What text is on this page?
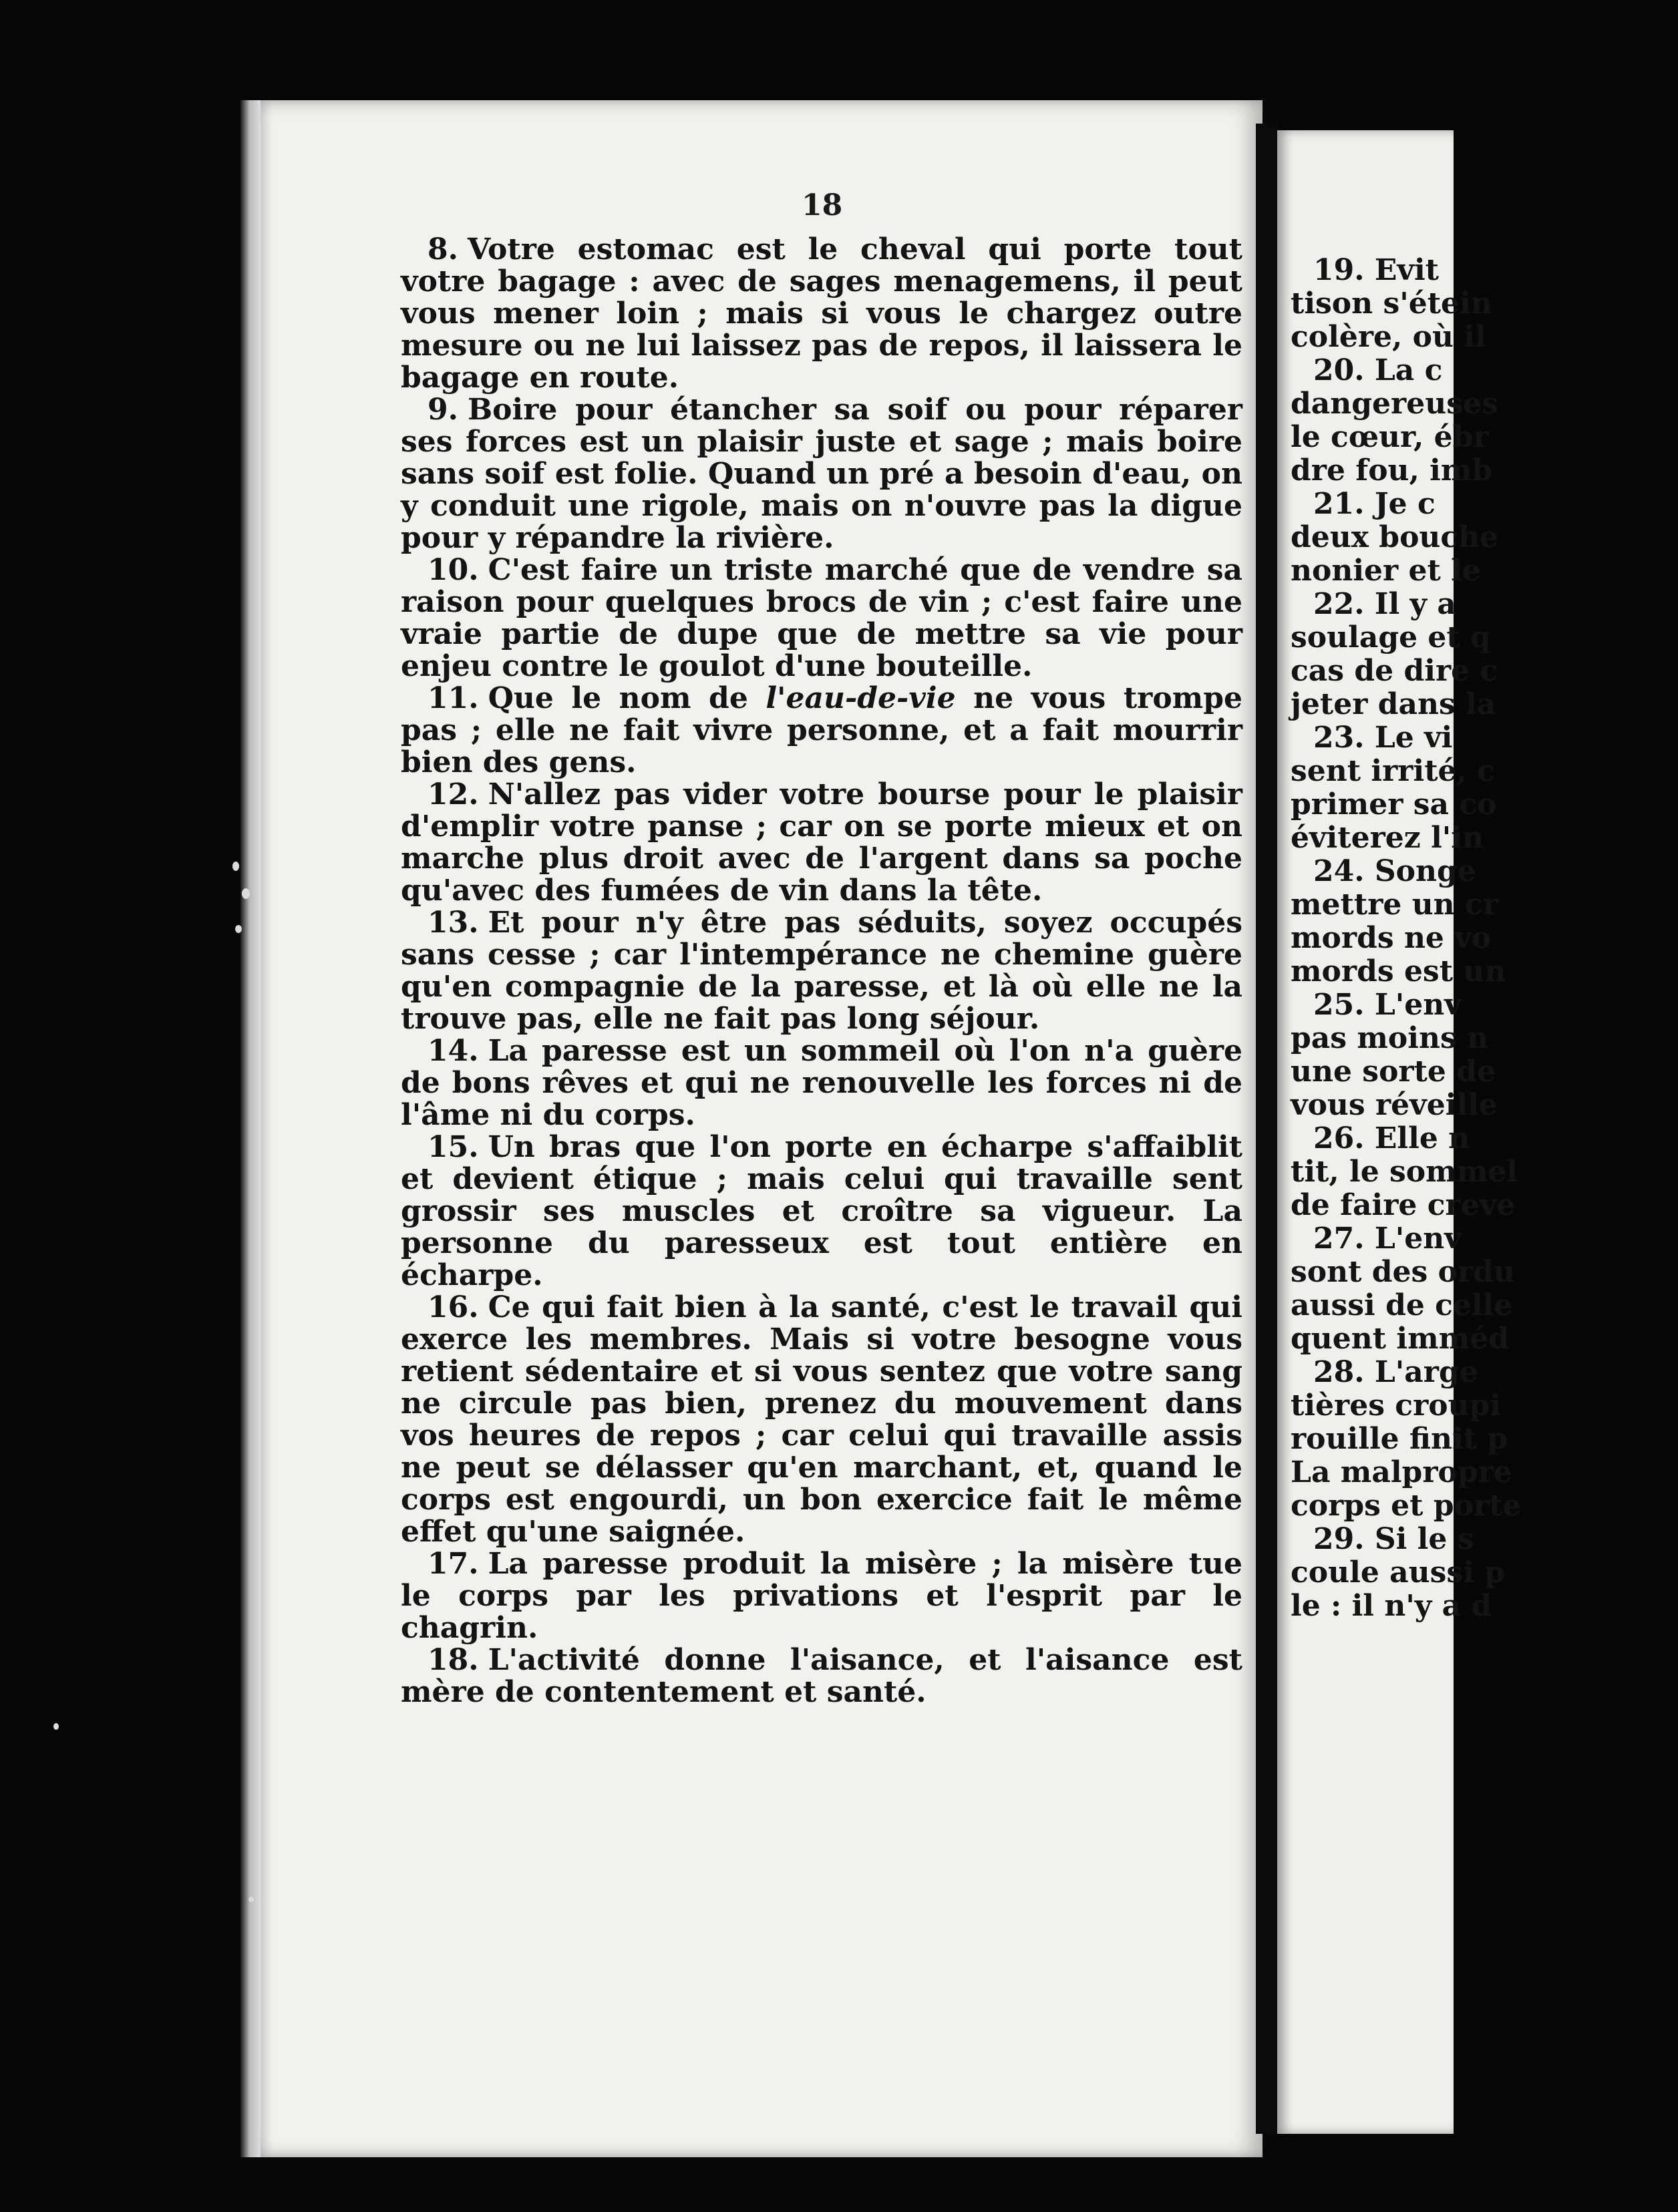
19. Evit
tison s'étein
colère, où il
20. La c
dangereuses
le cœur, ébr
dre fou, imb
21. Je c
deux bouche
nonier et le
22. Il y a
soulage et q
cas de dire c
jeter dans la
23. Le vi
sent irrité, c
primer sa co
éviterez l'in
24. Songe
mettre un cr
mords ne vo
mords est un
25. L'env
pas moins n
une sorte de
vous réveille
26. Elle n
tit, le sommel
de faire creve
27. L'env
sont des ordu
aussi de celle
quent imméd
28. L'arge
tières croupi
rouille finit p
La malpropre
corps et porte
29. Si le s
coule aussi p
le : il n'y a d
18

8. Votre estomac est le cheval qui porte tout votre bagage : avec de sages menagemens, il peut vous mener loin ; mais si vous le chargez outre mesure ou ne lui laissez pas de repos, il laissera le bagage en route.

9. Boire pour étancher sa soif ou pour réparer ses forces est un plaisir juste et sage ; mais boire sans soif est folie. Quand un pré a besoin d'eau, on y conduit une rigole, mais on n'ouvre pas la digue pour y répandre la rivière.

10. C'est faire un triste marché que de vendre sa raison pour quelques brocs de vin ; c'est faire une vraie partie de dupe que de mettre sa vie pour enjeu contre le goulot d'une bouteille.

11. Que le nom de l'eau-de-vie ne vous trompe pas ; elle ne fait vivre personne, et a fait mourrir bien des gens.

12. N'allez pas vider votre bourse pour le plaisir d'emplir votre panse ; car on se porte mieux et on marche plus droit avec de l'argent dans sa poche qu'avec des fumées de vin dans la tête.

13. Et pour n'y être pas séduits, soyez occupés sans cesse ; car l'intempérance ne chemine guère qu'en compagnie de la paresse, et là où elle ne la trouve pas, elle ne fait pas long séjour.

14. La paresse est un sommeil où l'on n'a guère de bons rêves et qui ne renouvelle les forces ni de l'âme ni du corps.

15. Un bras que l'on porte en écharpe s'affaiblit et devient étique ; mais celui qui travaille sent grossir ses muscles et croître sa vigueur. La personne du paresseux est tout entière en écharpe.

16. Ce qui fait bien à la santé, c'est le travail qui exerce les membres. Mais si votre besogne vous retient sédentaire et si vous sentez que votre sang ne circule pas bien, prenez du mouvement dans vos heures de repos ; car celui qui travaille assis ne peut se délasser qu'en marchant, et, quand le corps est engourdi, un bon exercice fait le même effet qu'une saignée.

17. La paresse produit la misère ; la misère tue le corps par les privations et l'esprit par le chagrin.

18. L'activité donne l'aisance, et l'aisance est mère de contentement et santé.
